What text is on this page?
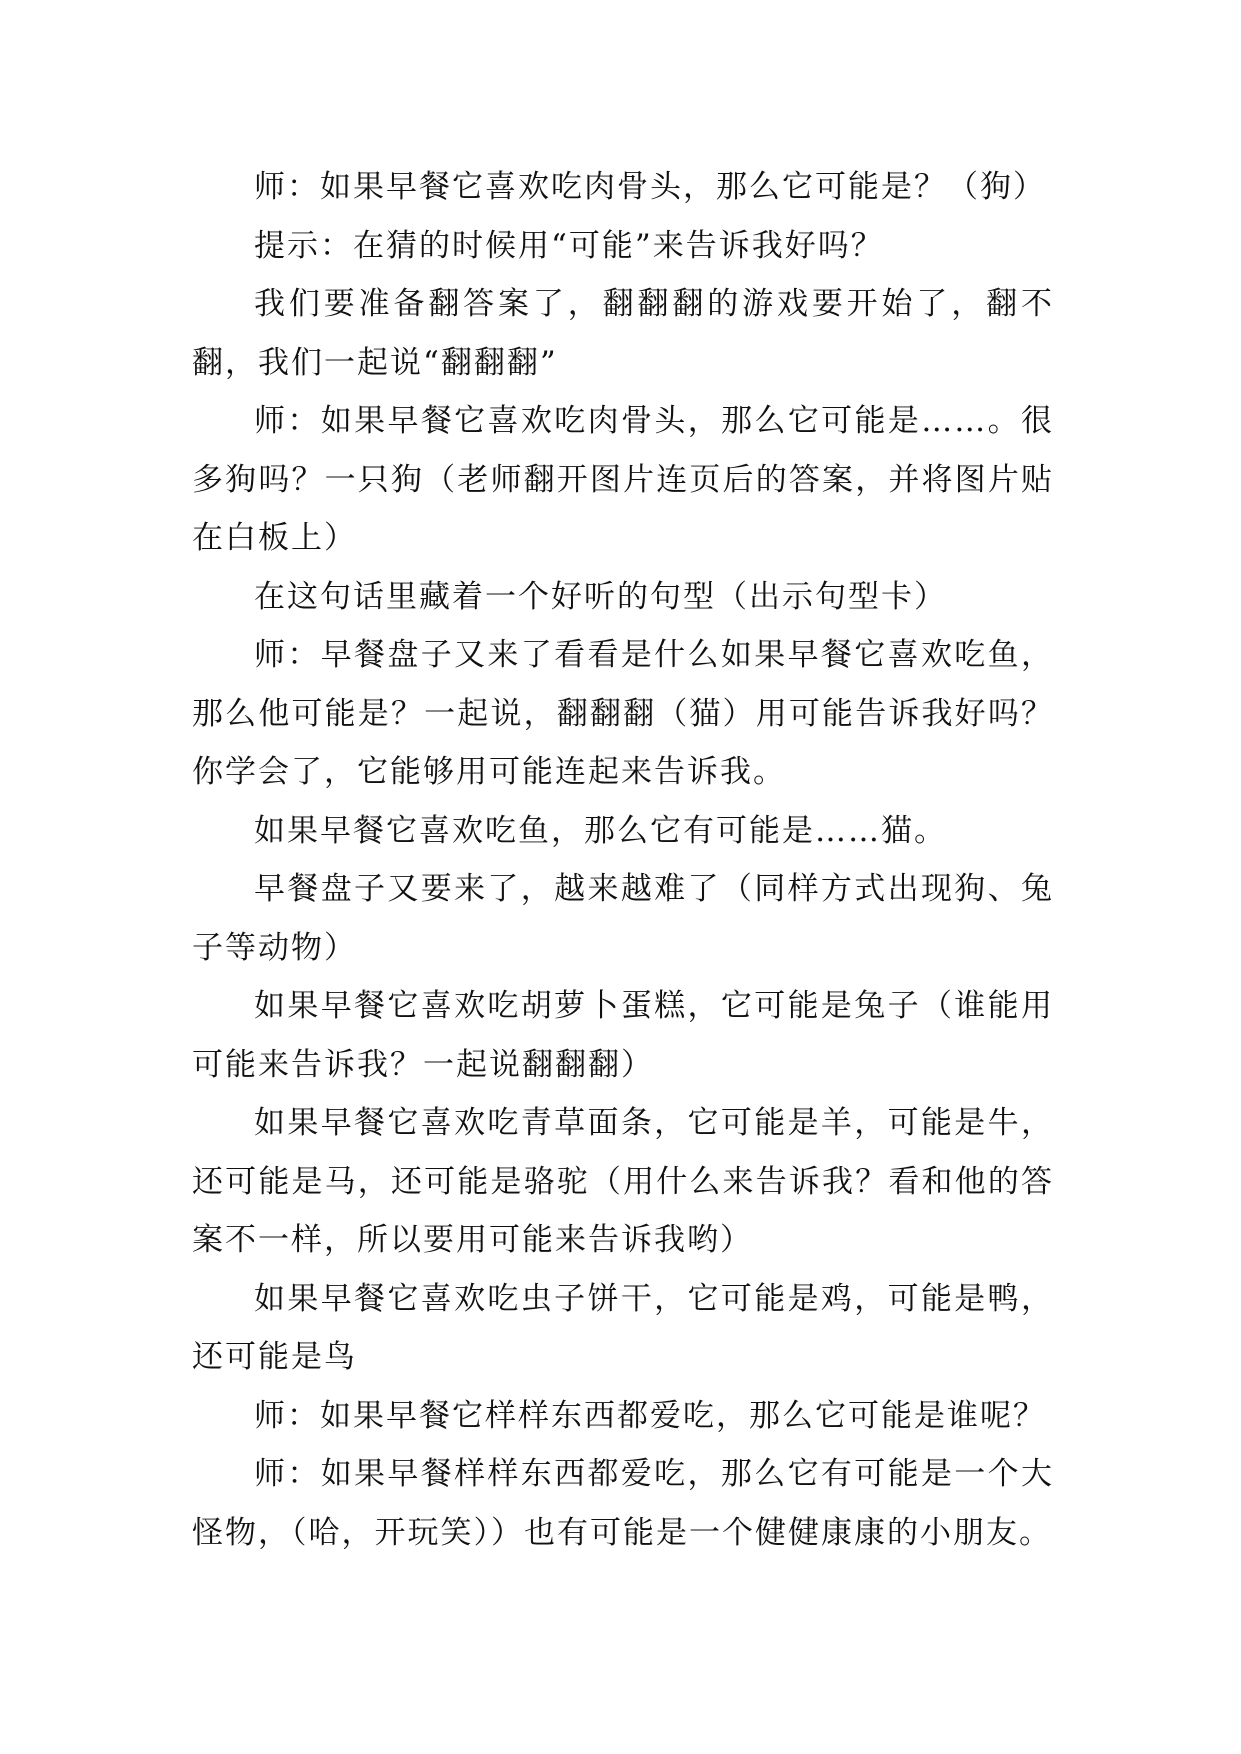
师：如果早餐它喜欢吃肉骨头，那么它可能是？（狗）

提示：在猜的时候用“可能”来告诉我好吗？

我们要准备翻答案了，翻翻翻的游戏要开始了，翻不翻，我们一起说“翻翻翻”

师：如果早餐它喜欢吃肉骨头，那么它可能是……。很多狗吗？一只狗（老师翻开图片连页后的答案，并将图片贴在白板上）

在这句话里藏着一个好听的句型（出示句型卡）

师：早餐盘子又来了看看是什么如果早餐它喜欢吃鱼，那么他可能是？一起说，翻翻翻（猫）用可能告诉我好吗？你学会了，它能够用可能连起来告诉我。

如果早餐它喜欢吃鱼，那么它有可能是……猫。

早餐盘子又要来了，越来越难了（同样方式出现狗、兔子等动物）

如果早餐它喜欢吃胡萝卜蛋糕，它可能是兔子（谁能用可能来告诉我？一起说翻翻翻）

如果早餐它喜欢吃青草面条，它可能是羊，可能是牛，还可能是马，还可能是骆驼（用什么来告诉我？看和他的答案不一样，所以要用可能来告诉我哟）

如果早餐它喜欢吃虫子饼干，它可能是鸡，可能是鸭，还可能是鸟

师：如果早餐它样样东西都爱吃，那么它可能是谁呢？

师：如果早餐样样东西都爱吃，那么它有可能是一个大怪物，（哈，开玩笑））也有可能是一个健健康康的小朋友。
